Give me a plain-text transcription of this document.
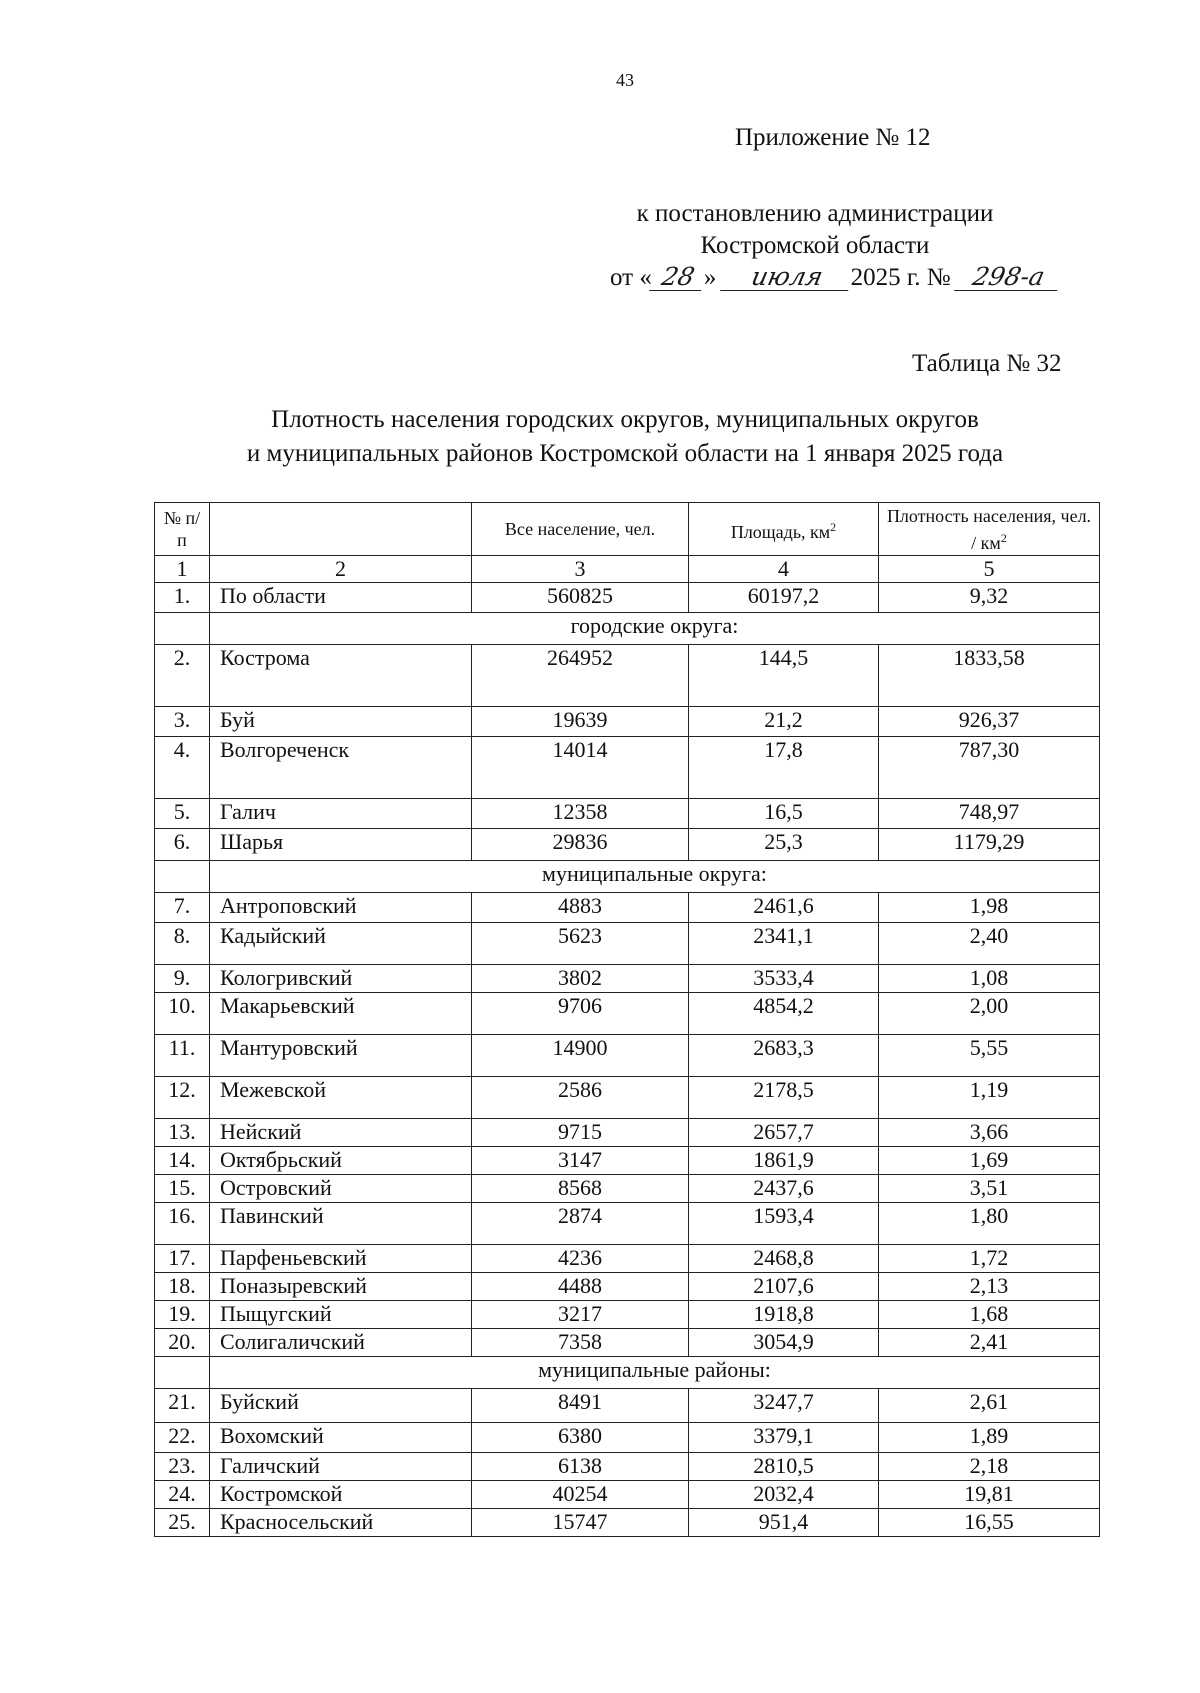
43
Приложение № 12
к постановлению администрации
Костромской области
от « 28 » июля 2025 г. № 298-а
Таблица № 32
Плотность населения городских округов, муниципальных округов
и муниципальных районов Костромской области на 1 января 2025 года
№ п/п		Все население, чел.	Площадь, $км^2$	Плотность населения, чел. / $км^2$
1	2	3	4	5
1.	По области	560825	60197,2	9,32
	городские округа:			
2.	Кострома	264952	144,5	1833,58
3.	Буй	19639	21,2	926,37
4.	Волгореченск	14014	17,8	787,30
5.	Галич	12358	16,5	748,97
6.	Шарья	29836	25,3	1179,29
	муниципальные округа:			
7.	Антроповский	4883	2461,6	1,98
8.	Кадыйский	5623	2341,1	2,40
9.	Кологривский	3802	3533,4	1,08
10.	Макарьевский	9706	4854,2	2,00
11.	Мантуровский	14900	2683,3	5,55
12.	Межевской	2586	2178,5	1,19
13.	Нейский	9715	2657,7	3,66
14.	Октябрьский	3147	1861,9	1,69
15.	Островский	8568	2437,6	3,51
16.	Павинский	2874	1593,4	1,80
17.	Парфеньевский	4236	2468,8	1,72
18.	Поназыревский	4488	2107,6	2,13
19.	Пыщугский	3217	1918,8	1,68
20.	Солигаличский	7358	3054,9	2,41
	муниципальные районы:			
21.	Буйский	8491	3247,7	2,61
22.	Вохомский	6380	3379,1	1,89
23.	Галичский	6138	2810,5	2,18
24.	Костромской	40254	2032,4	19,81
25.	Красносельский	15747	951,4	16,55
